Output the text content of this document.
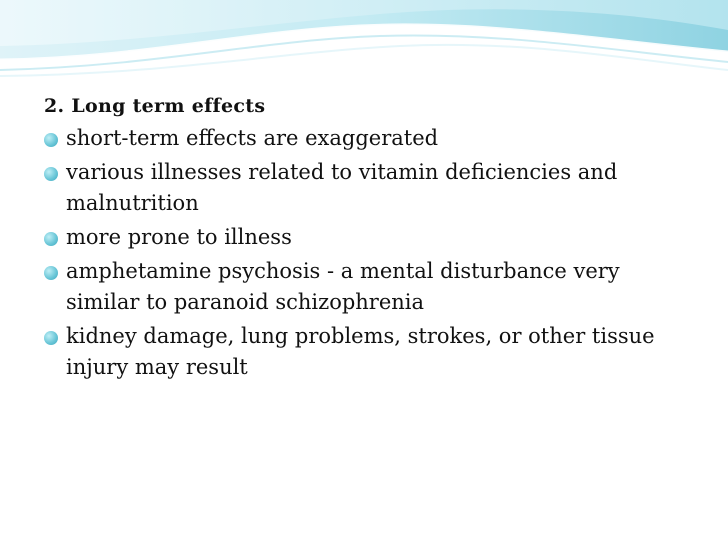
2. Long term effects

short-term effects are exaggerated
various illnesses related to vitamin deficiencies and malnutrition
more prone to illness
amphetamine psychosis - a mental disturbance very similar to paranoid schizophrenia
kidney damage, lung problems, strokes, or other tissue injury may result
